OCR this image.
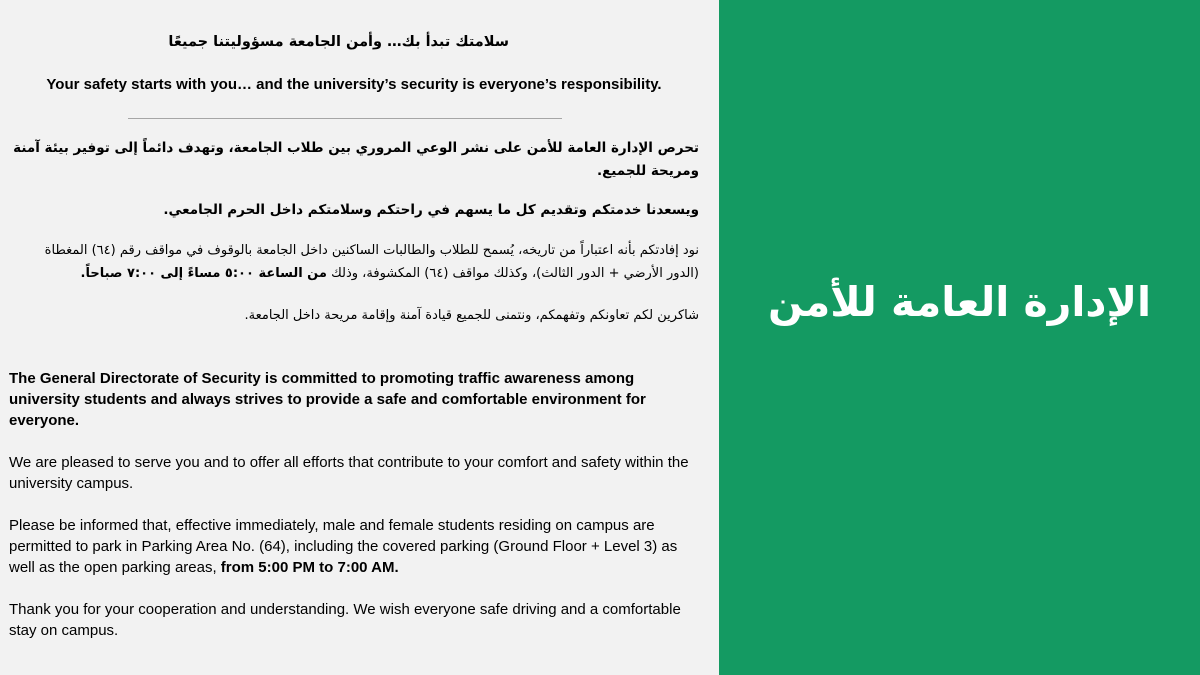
سلامتك تبدأ بك… وأمن الجامعة مسؤوليتنا جميعًا
Your safety starts with you… and the university’s security is everyone’s responsibility.
تحرص الإدارة العامة للأمن على نشر الوعي المروري بين طلاب الجامعة، وتهدف دائماً إلى توفير بيئة آمنة ومريحة للجميع.
ويسعدنا خدمتكم وتقديم كل ما يسهم في راحتكم وسلامتكم داخل الحرم الجامعي.
نود إفادتكم بأنه اعتباراً من تاريخه، يُسمح للطلاب والطالبات الساكنين داخل الجامعة بالوقوف في مواقف رقم (٦٤) المغطاة (الدور الأرضي + الدور الثالث)، وكذلك مواقف (٦٤) المكشوفة، وذلك من الساعة ٥:٠٠ مساءً إلى ٧:٠٠ صباحاً.
شاكرين لكم تعاونكم وتفهمكم، ونتمنى للجميع قيادة آمنة وإقامة مريحة داخل الجامعة.
The General Directorate of Security is committed to promoting traffic awareness among university students and always strives to provide a safe and comfortable environment for everyone.
We are pleased to serve you and to offer all efforts that contribute to your comfort and safety within the university campus.
Please be informed that, effective immediately, male and female students residing on campus are permitted to park in Parking Area No. (64), including the covered parking (Ground Floor + Level 3) as well as the open parking areas, from 5:00 PM to 7:00 AM.
Thank you for your cooperation and understanding. We wish everyone safe driving and a comfortable stay on campus.
الإدارة العامة للأمن
